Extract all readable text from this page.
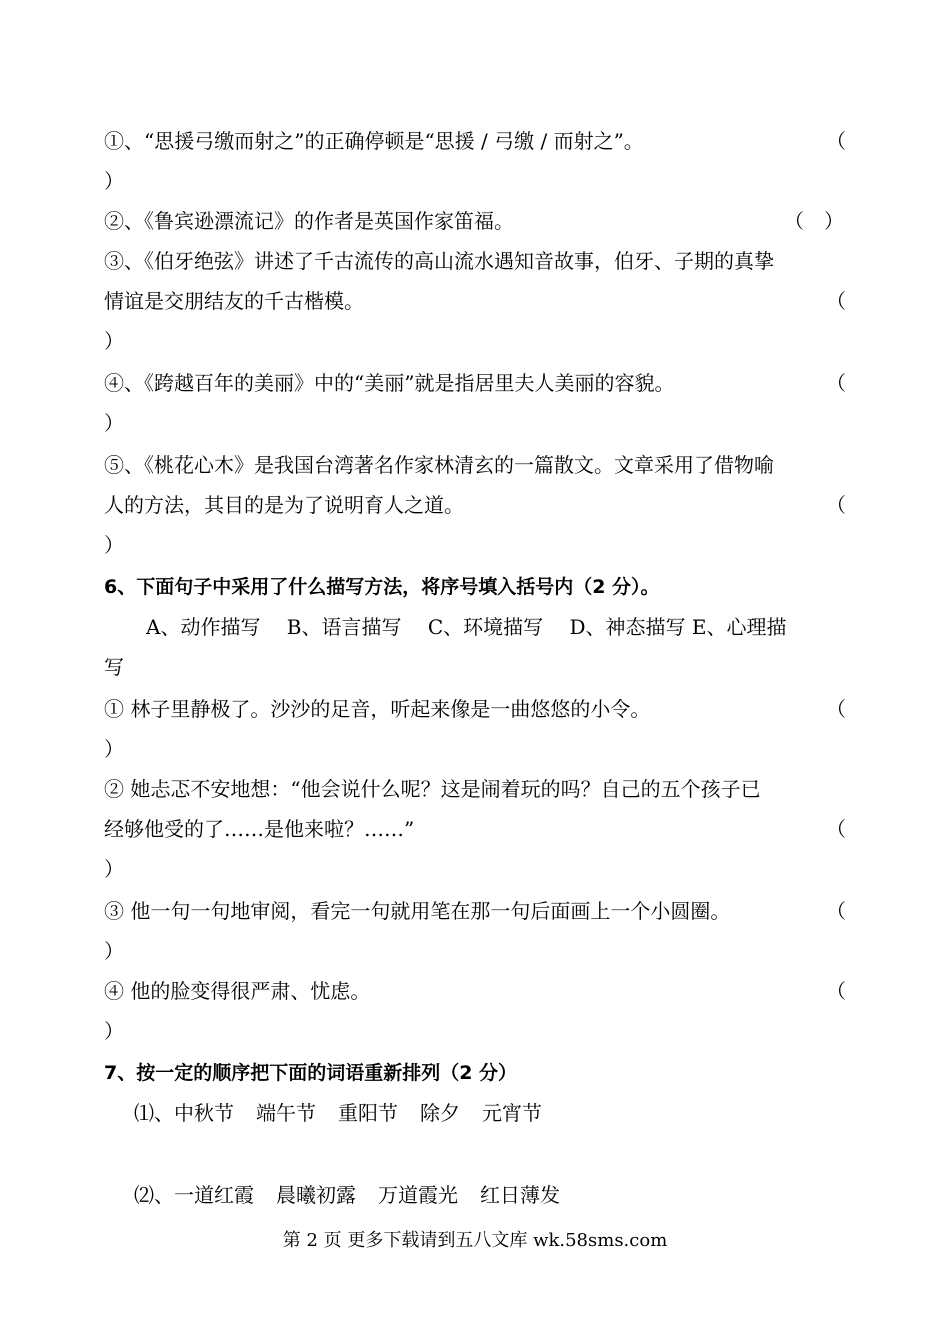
①、“思援弓缴而射之”的正确停顿是“思援 / 弓缴 / 而射之”。	（
）
②、《鲁宾逊漂流记》的作者是英国作家笛福。	（ ）
③、《伯牙绝弦》讲述了千古流传的高山流水遇知音故事，伯牙、子期的真挚
情谊是交朋结友的千古楷模。	（
）
④、《跨越百年的美丽》中的“美丽”就是指居里夫人美丽的容貌。	（
）
⑤、《桃花心木》是我国台湾著名作家林清玄的一篇散文。文章采用了借物喻
人的方法，其目的是为了说明育人之道。	（
）
6、下面句子中采用了什么描写方法，将序号填入括号内（2 分）。
A、动作描写　 B、语言描写　 C、环境描写　 D、神态描写 E、心理描
写
① 林子里静极了。沙沙的足音，听起来像是一曲悠悠的小令。	（
）
② 她忐忑不安地想：“他会说什么呢？这是闹着玩的吗？自己的五个孩子已
经够他受的了……是他来啦？……”	（
）
③ 他一句一句地审阅，看完一句就用笔在那一句后面画上一个小圆圈。	（
）
④ 他的脸变得很严肃、忧虑。	（
）
7、按一定的顺序把下面的词语重新排列（2 分）
⑴、中秋节 端午节 重阳节 除夕 元宵节
⑵、一道红霞 晨曦初露 万道霞光 红日薄发
第 2 页 更多下载请到五八文库 wk.58sms.com
